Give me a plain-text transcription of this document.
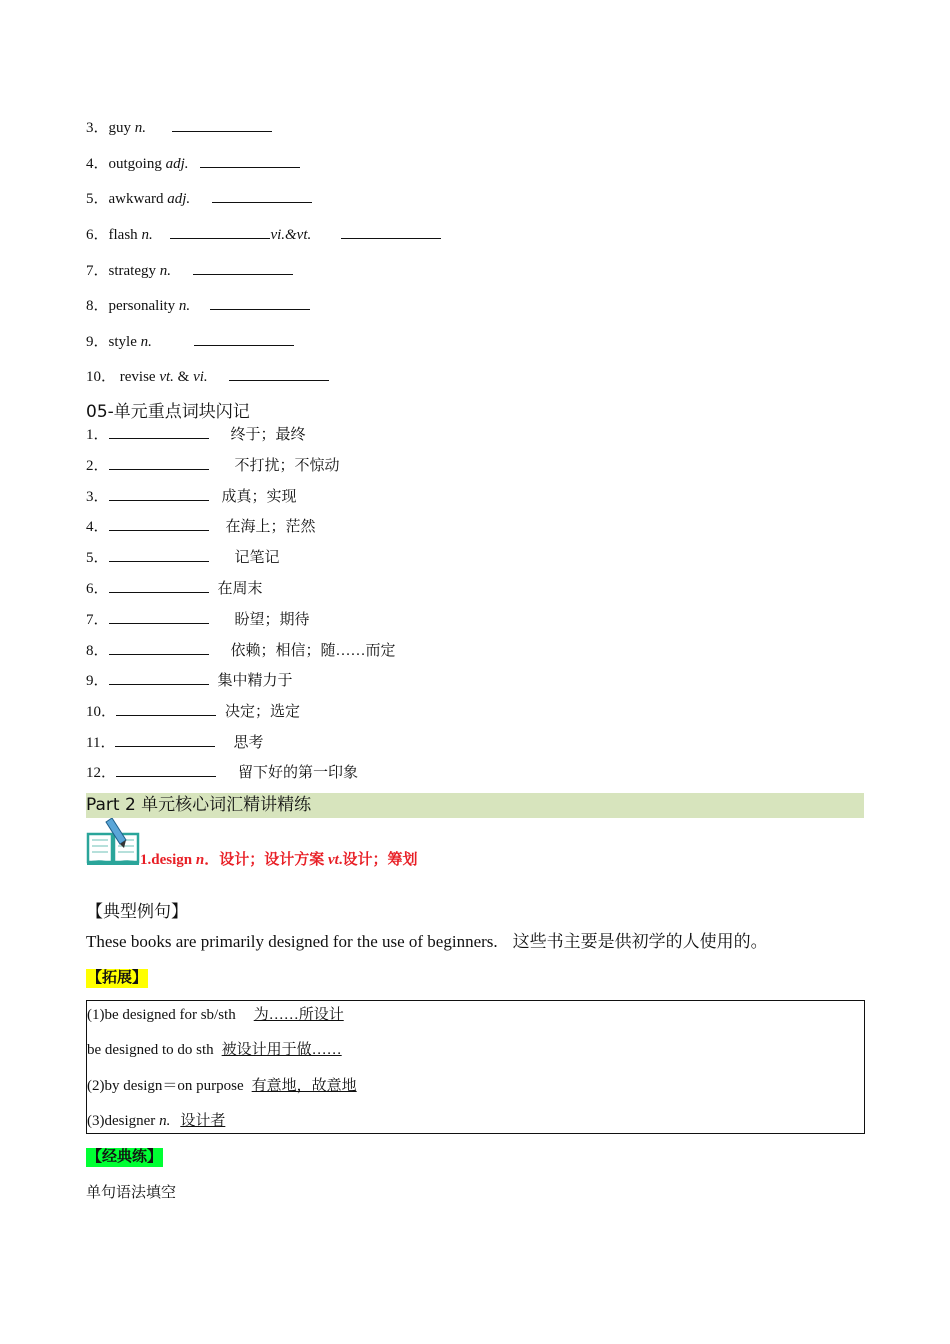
3．guy n.
4．outgoing adj.
5．awkward adj.
6．flash n.	vi.&vt.
7．strategy n.
8．personality n.
9．style n.
10． revise vt. & vi.
05-单元重点词块闪记
1．	终于；最终
2．	不打扰；不惊动
3．	成真；实现
4．	在海上；茫然
5．	记笔记
6．	在周末
7．	盼望；期待
8．	依赖；相信；随……而定
9．	集中精力于
10．	决定；选定
11．	思考
12．	留下好的第一印象
Part 2 单元核心词汇精讲精练
1.design n．设计；设计方案 vt.设计；筹划
【典型例句】
These books are primarily designed for the use of beginners. 这些书主要是供初学的人使用的。
【拓展】
(1)be designed for sb/sth 为……所设计
be designed to do sth 被设计用于做……
(2)by design＝on purpose 有意地，故意地
(3)designer n. 设计者
【经典练】
单句语法填空
